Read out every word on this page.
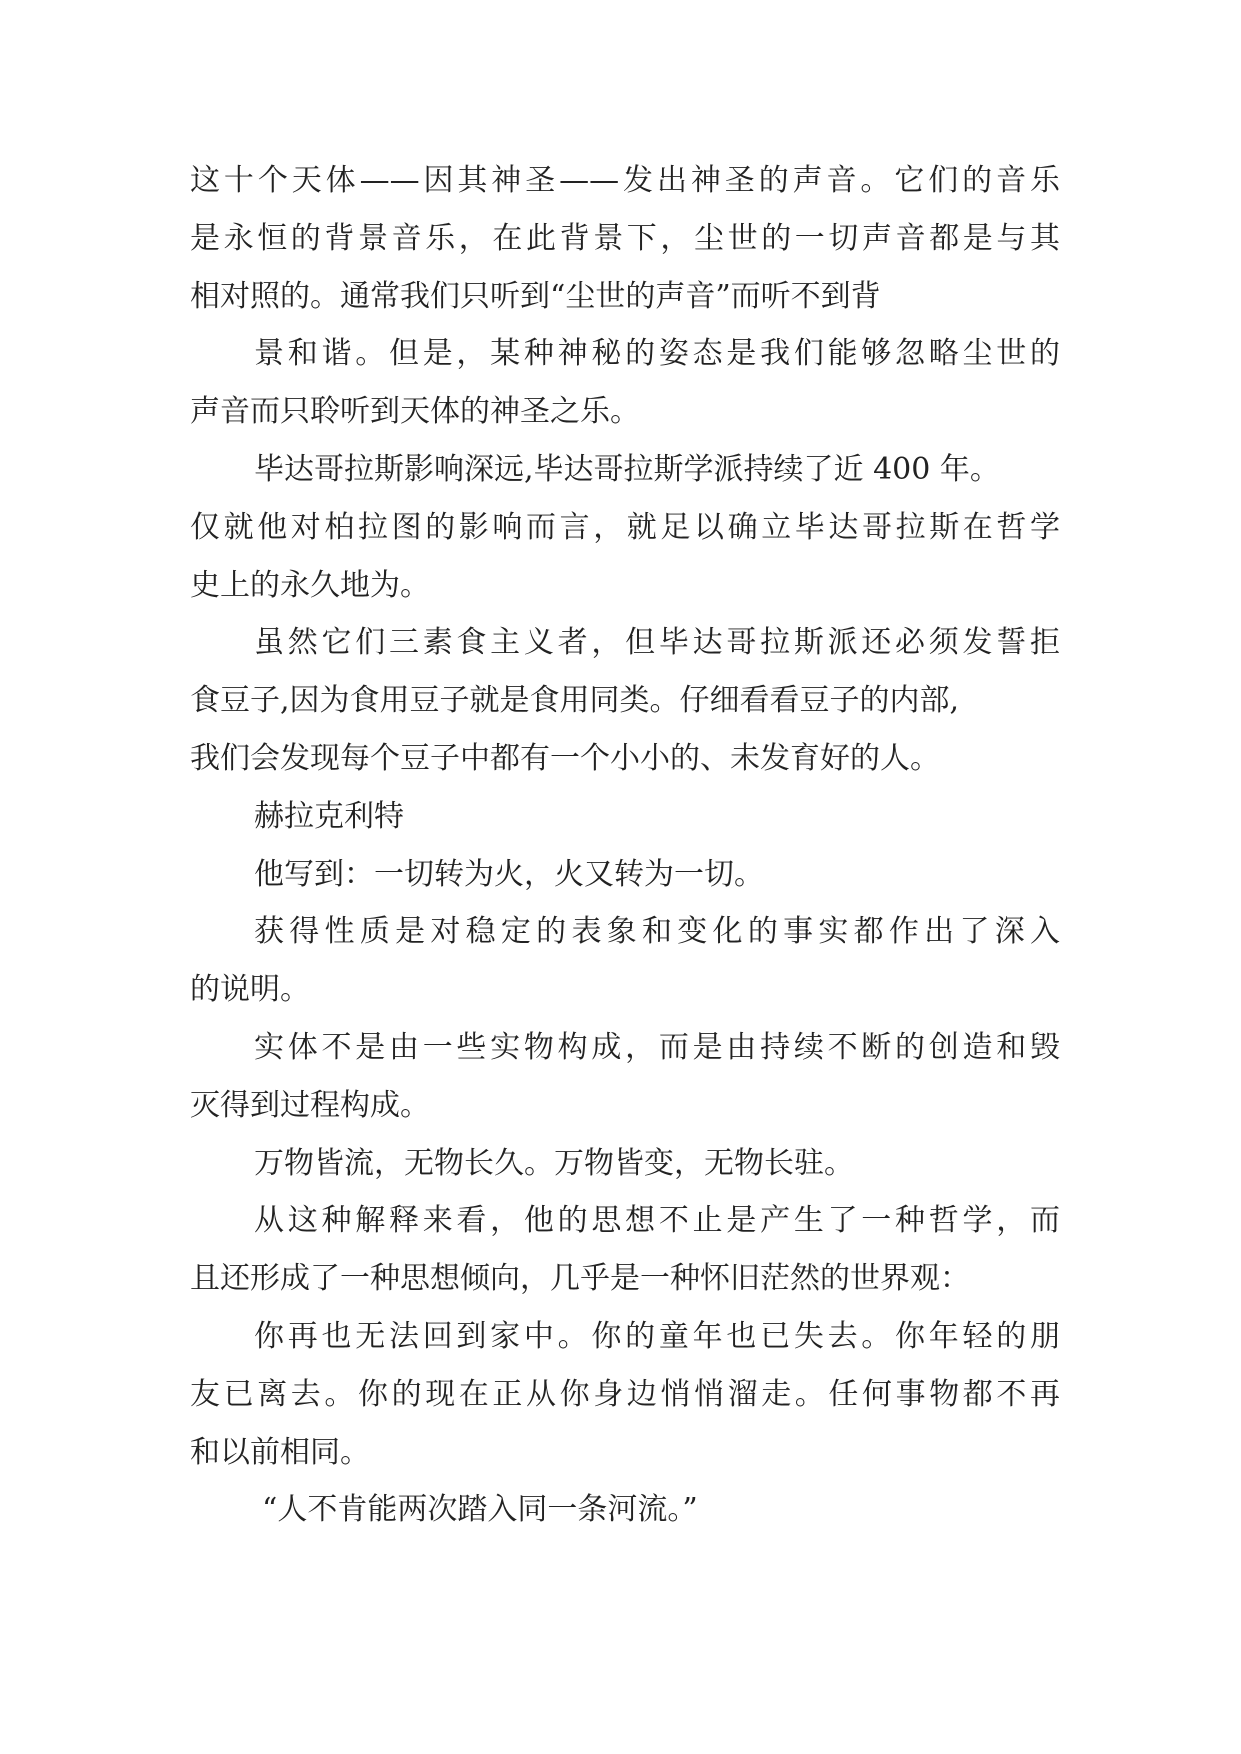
这十个天体——因其神圣——发出神圣的声音。它们的音乐
是永恒的背景音乐，在此背景下，尘世的一切声音都是与其
相对照的。通常我们只听到“尘世的声音”而听不到背
景和谐。但是，某种神秘的姿态是我们能够忽略尘世的
声音而只聆听到天体的神圣之乐。
毕达哥拉斯影响深远,毕达哥拉斯学派持续了近 400 年。
仅就他对柏拉图的影响而言，就足以确立毕达哥拉斯在哲学
史上的永久地为。
虽然它们三素食主义者，但毕达哥拉斯派还必须发誓拒
食豆子,因为食用豆子就是食用同类。仔细看看豆子的内部,
我们会发现每个豆子中都有一个小小的、未发育好的人。
赫拉克利特
他写到：一切转为火，火又转为一切。
获得性质是对稳定的表象和变化的事实都作出了深入
的说明。
实体不是由一些实物构成，而是由持续不断的创造和毁
灭得到过程构成。
万物皆流，无物长久。万物皆变，无物长驻。
从这种解释来看，他的思想不止是产生了一种哲学，而
且还形成了一种思想倾向，几乎是一种怀旧茫然的世界观：
你再也无法回到家中。你的童年也已失去。你年轻的朋
友已离去。你的现在正从你身边悄悄溜走。任何事物都不再
和以前相同。
“人不肯能两次踏入同一条河流。”
